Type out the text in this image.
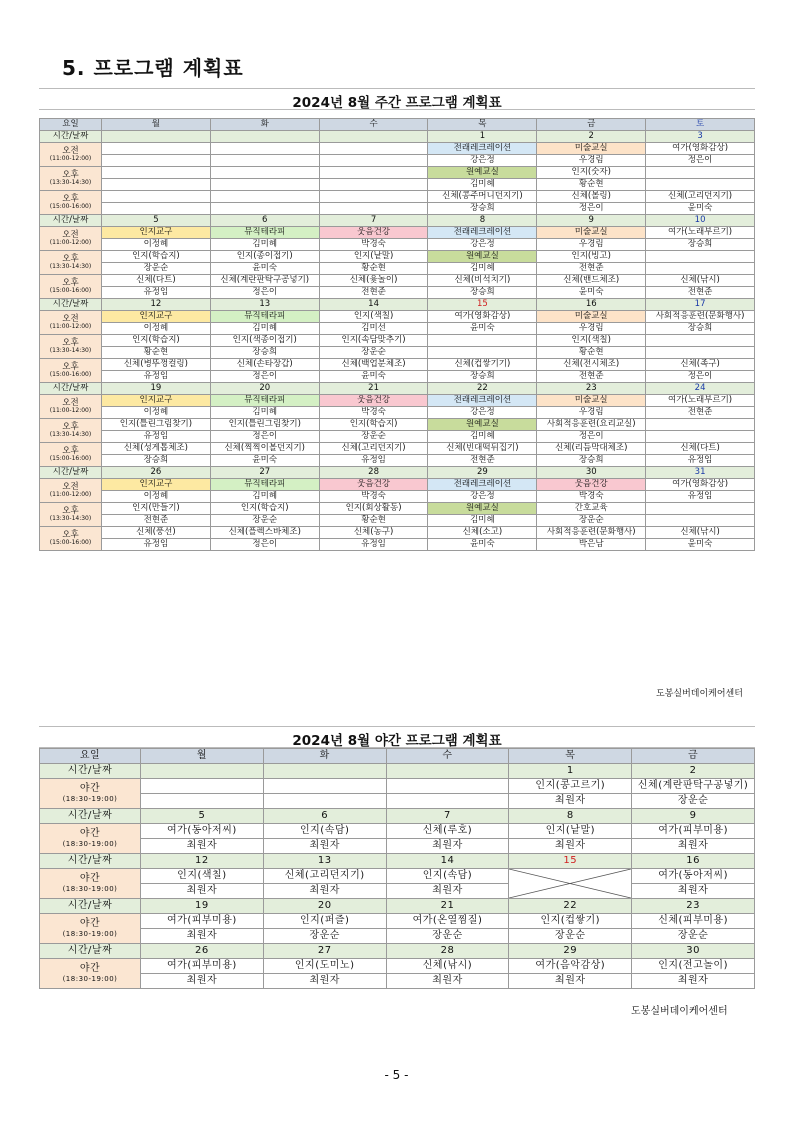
5. 프로그램 계획표
2024년 8월 주간 프로그램 계획표
요일	월	화	수	목	금	토
시간/날짜				1	2	3
오전
(11:00-12:00)				전래레크레이션	미술교실	여가(영화감상)
				강은정	우경림	정은이
오후
(13:30-14:30)				원예교실	인지(숫자)	
				김미혜	황순현	
오후
(15:00-16:00)				신체(콩주머니던지기)	신체(볼링)	신체(고리던지기)
				장승희	정은이	윤미숙
시간/날짜	5	6	7	8	9	10
오전
(11:00-12:00)	인지교구	뮤직테라피	웃음건강	전래레크레이션	미술교실	여가(노래부르기)
	이정혜	김미혜	박경숙	강은정	우경림	장승희
오후
(13:30-14:30)	인지(학습지)	인지(종이접기)	인지(낱말)	원예교실	인지(빙고)	
	장운순	윤미숙	황순현	김미혜	전현준	
오후
(15:00-16:00)	신체(다트)	신체(계란판탁구공넣기)	신체(윷놀이)	신체(비석치기)	신체(밴드체조)	신체(낚시)
	유정임	정은이	전현준	장승희	윤미숙	전현준
시간/날짜	12	13	14	15	16	17
오전
(11:00-12:00)	인지교구	뮤직테라피	인지(색칠)	여가(영화감상)	미술교실	사회적응훈련(문화행사)
	이정혜	김미혜	김미선	윤미숙	우경림	장승희
오후
(13:30-14:30)	인지(학습지)	인지(색종이접기)	인지(속담맞추기)		인지(색칠)	
	황순현	장승희	장운순		황순현	
오후
(15:00-16:00)	신체(병뚜껑컬링)	신체(손타장갑)	신체(백업분체조)	신체(컵쌓기기)	신체(전시체조)	신체(족구)
	유정임	정은이	윤미숙	장승희	전현준	정은이
시간/날짜	19	20	21	22	23	24
오전
(11:00-12:00)	인지교구	뮤직테라피	웃음건강	전래레크레이션	미술교실	여가(노래부르기)
	이정혜	김미혜	박경숙	강은정	우경림	전현준
오후
(13:30-14:30)	인지(틀린그림찾기)	인지(틀린그림찾기)	인지(학습지)	원예교실	사회적응훈련(요리교실)	
	유정임	정은이	장운순	김미혜	정은이	
오후
(15:00-16:00)	신체(성게톱체조)	신체(찍찍이볼던지기)	신체(고리던지기)	신체(빈대떡뒤집기)	신체(리듬막대체조)	신체(다트)
	장승희	윤미숙	유정임	전현준	장승희	유정임
시간/날짜	26	27	28	29	30	31
오전
(11:00-12:00)	인지교구	뮤직테라피	웃음건강	전래레크레이션	웃음건강	여가(영화감상)
	이정혜	김미혜	박경숙	강은정	박경숙	유정임
오후
(13:30-14:30)	인지(만들기)	인지(학습지)	인지(회상활동)	원예교실	간호교육	
	전현준	장운순	황순현	김미혜	장운순	
오후
(15:00-16:00)	신체(풍선)	신체(플렉스바체조)	신체(농구)	신체(소고)	사회적응훈련(문화행사)	신체(낚시)
	유정임	정은이	유정임	윤미숙	박은남	윤미숙
도봉실버데이케어센터
2024년 8월 야간 프로그램 계획표
요일	월	화	수	목	금
시간/날짜				1	2
야간
(18:30-19:00)				인지(콩고르기)	신체(계란판탁구공넣기)
				최원자	장운순
시간/날짜	5	6	7	8	9
야간
(18:30-19:00)	여가(동아저씨)	인지(속담)	신체(루호)	인지(낱말)	여가(피부미용)
	최원자	최원자	최원자	최원자	최원자
시간/날짜	12	13	14	15	16
야간
(18:30-19:00)	인지(색칠)	신체(고리던지기)	인지(속담)		여가(동아저씨)
	최원자	최원자	최원자		최원자
시간/날짜	19	20	21	22	23
야간
(18:30-19:00)	여가(피부미용)	인지(퍼즐)	여가(온열찜질)	인지(컵쌓기)	신체(피부미용)
	최원자	장운순	장운순	장운순	장운순
시간/날짜	26	27	28	29	30
야간
(18:30-19:00)	여가(피부미용)	인지(도미노)	신체(낚시)	여가(음악감상)	인지(전고놀이)
	최원자	최원자	최원자	최원자	최원자
도봉실버데이케어센터
- 5 -
